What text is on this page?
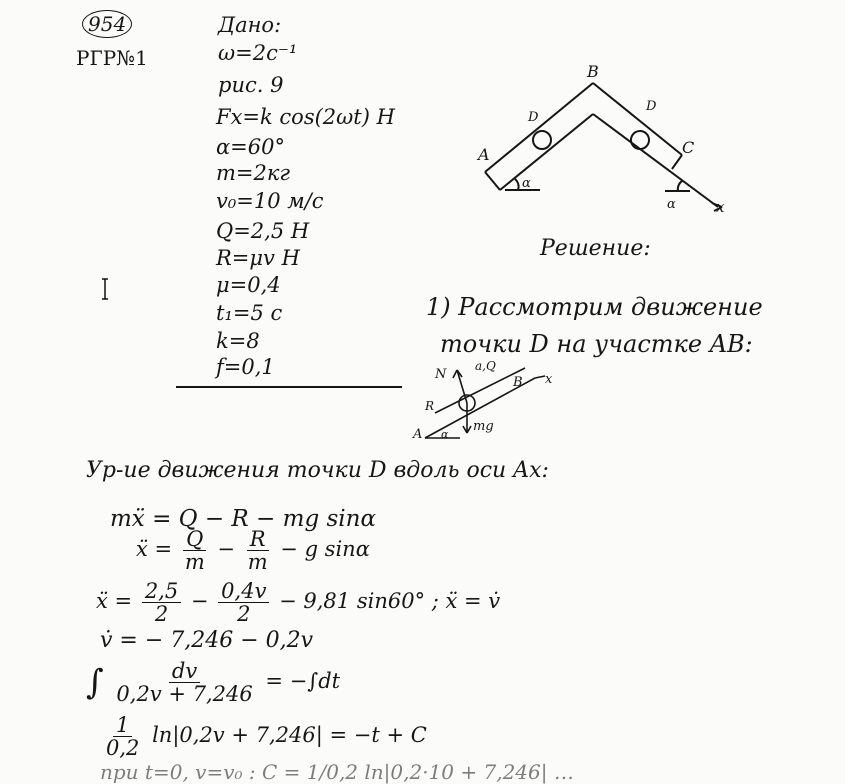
954
РГР№1
Дано:
ω=2с⁻¹
рис. 9
Fx=k cos(2ωt) Н
α=60°
m=2кг
v₀=10 м/с
Q=2,5 Н
R=μv Н
μ=0,4
t₁=5 с
k=8
f=0,1
A
B
C
D
D
α
α	x
Решение:
1) Рассмотрим движение
точки D на участке AB:
N
a,Q
B x
R
A
mg
α
Ур-ие движения точки D вдоль оси Ax:
mẍ = Q − R − mg sinα
ẍ = $\frac{Q}{m} - \frac{R}{m} - g$ sinα
ẍ = $\frac{2,5}{2} - \frac{0,4v}{2} - 9,81$ sin60° ; ẍ = v̇
v̇ = − 7,246 − 0,2v
∫ $\frac{dv}{0,2v + 7,246} = -\int dt$
$\frac{1}{0,2} \ln|0,2v + 7,246| = -t + C$
при t=0, v=v₀ : C = 1/0,2 ln|0,2·10 + 7,246| …
